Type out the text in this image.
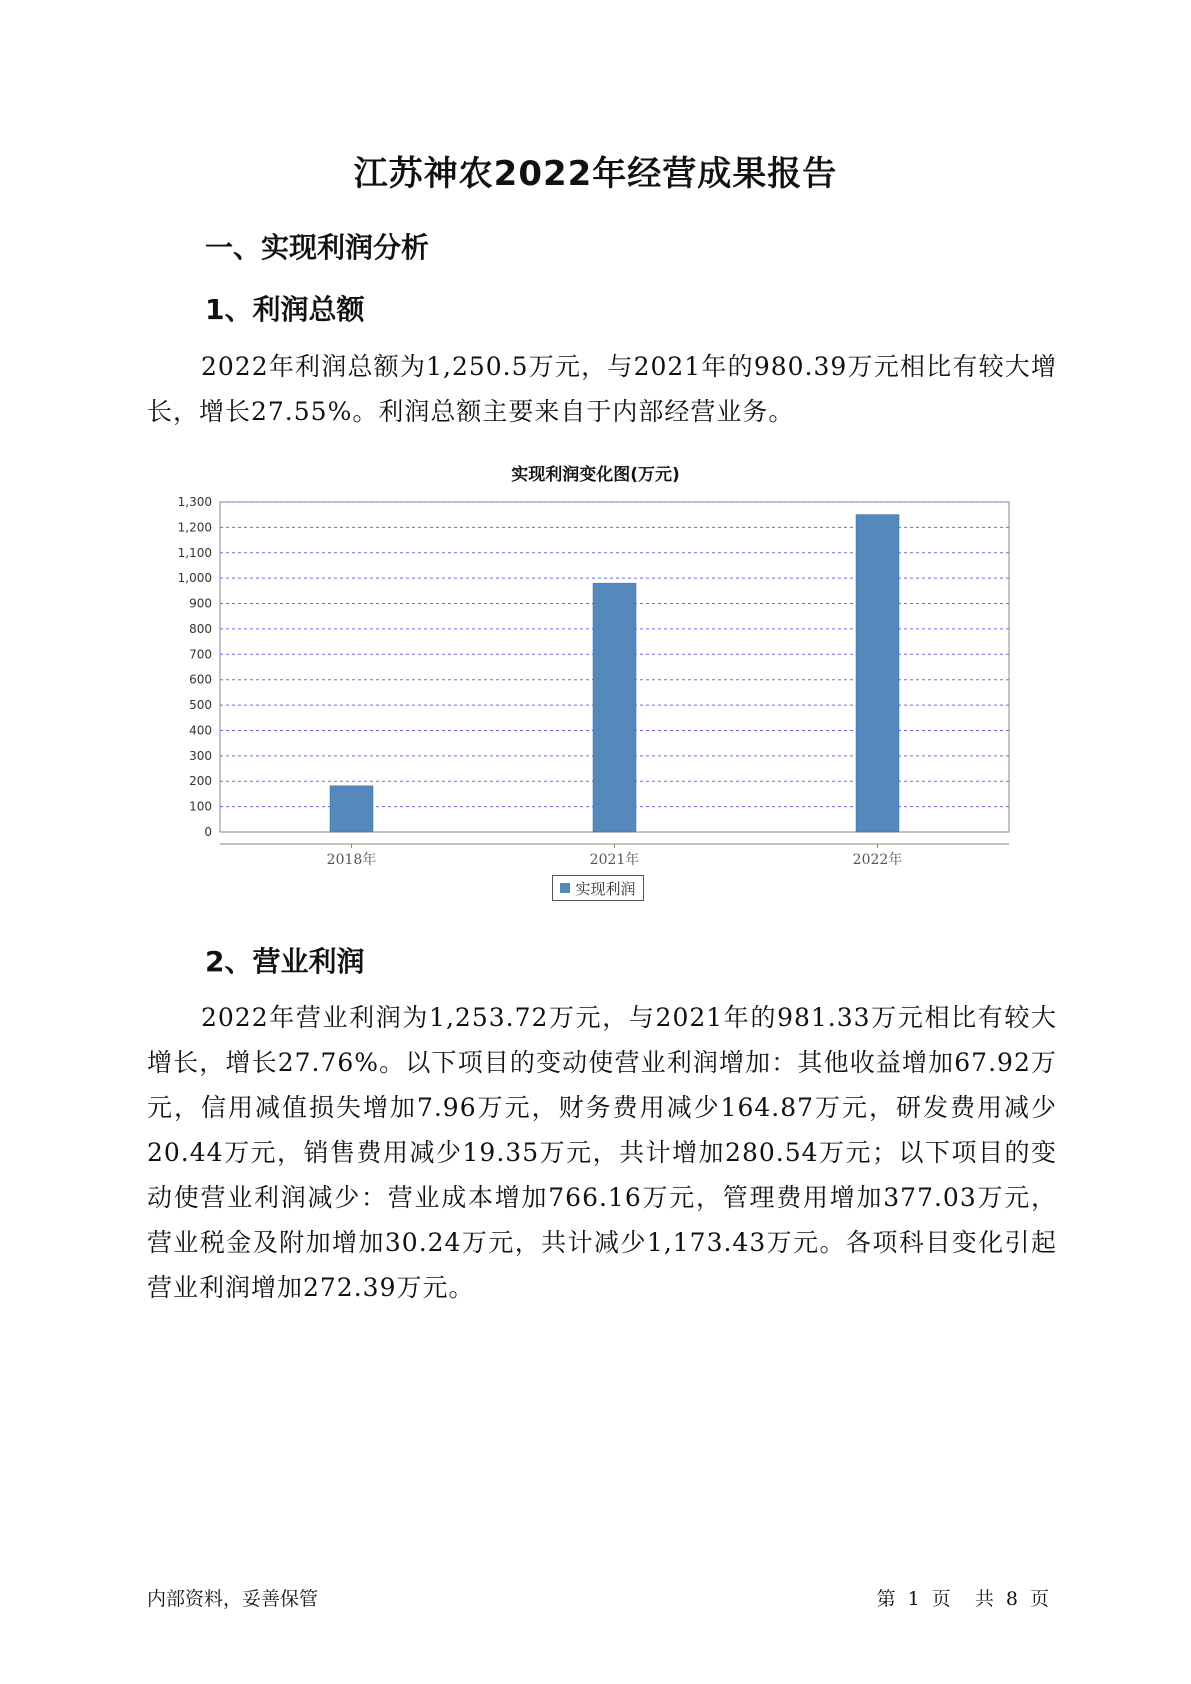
江苏神农2022年经营成果报告
一、实现利润分析
1、利润总额

2022年利润总额为1,250.5万元，与2021年的980.39万元相比有较大增长，增长27.55%。利润总额主要来自于内部经营业务。

实现利润变化图(万元)
0
100
200
300
400
500
600
700
800
900
1,000
1,100
1,200
1,300
2018年	2021年	2022年
实现利润
2、营业利润

2022年营业利润为1,253.72万元，与2021年的981.33万元相比有较大增长，增长27.76%。以下项目的变动使营业利润增加：其他收益增加67.92万元，信用减值损失增加7.96万元，财务费用减少164.87万元，研发费用减少20.44万元，销售费用减少19.35万元，共计增加280.54万元；以下项目的变动使营业利润减少：营业成本增加766.16万元，管理费用增加377.03万元，营业税金及附加增加30.24万元，共计减少1,173.43万元。各项科目变化引起营业利润增加272.39万元。

内部资料，妥善保管	第 1 页 共 8 页
